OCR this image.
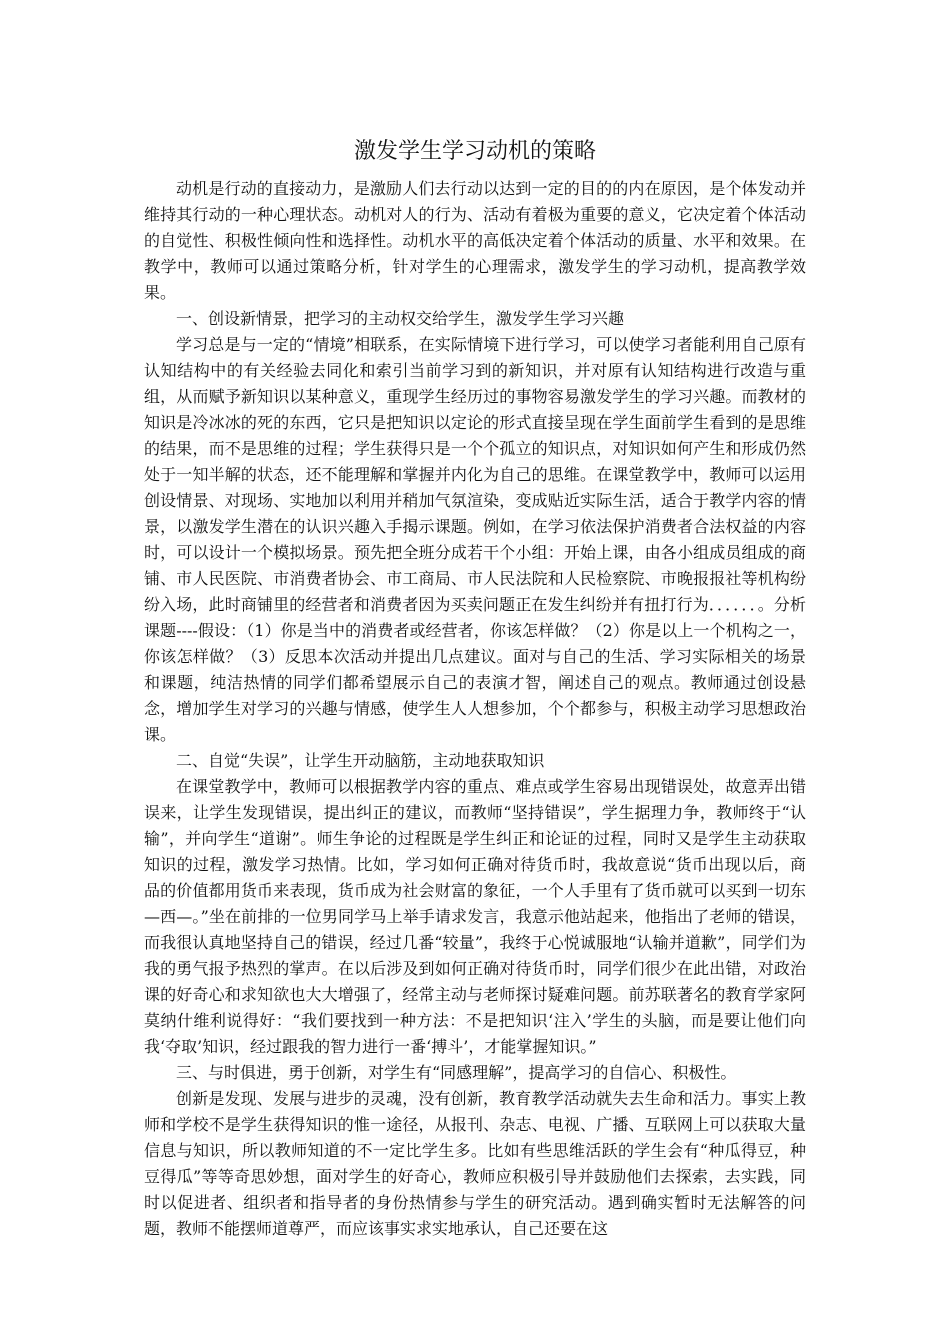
激发学生学习动机的策略

动机是行动的直接动力，是激励人们去行动以达到一定的目的的内在原因，是个体发动并维持其行动的一种心理状态。动机对人的行为、活动有着极为重要的意义，它决定着个体活动的自觉性、积极性倾向性和选择性。动机水平的高低决定着个体活动的质量、水平和效果。在教学中，教师可以通过策略分析，针对学生的心理需求，激发学生的学习动机，提高教学效果。

一、创设新情景，把学习的主动权交给学生，激发学生学习兴趣

学习总是与一定的“情境”相联系，在实际情境下进行学习，可以使学习者能利用自己原有认知结构中的有关经验去同化和索引当前学习到的新知识，并对原有认知结构进行改造与重组，从而赋予新知识以某种意义，重现学生经历过的事物容易激发学生的学习兴趣。而教材的知识是冷冰冰的死的东西，它只是把知识以定论的形式直接呈现在学生面前学生看到的是思维的结果，而不是思维的过程；学生获得只是一个个孤立的知识点，对知识如何产生和形成仍然处于一知半解的状态，还不能理解和掌握并内化为自己的思维。在课堂教学中，教师可以运用创设情景、对现场、实地加以利用并稍加气氛渲染，变成贴近实际生活，适合于教学内容的情景，以激发学生潜在的认识兴趣入手揭示课题。例如，在学习依法保护消费者合法权益的内容时，可以设计一个模拟场景。预先把全班分成若干个小组：开始上课，由各小组成员组成的商铺、市人民医院、市消费者协会、市工商局、市人民法院和人民检察院、市晚报报社等机构纷纷入场，此时商铺里的经营者和消费者因为买卖问题正在发生纠纷并有扭打行为．．．．．．。分析课题----假设：（1）你是当中的消费者或经营者，你该怎样做？（2）你是以上一个机构之一，你该怎样做？（3）反思本次活动并提出几点建议。面对与自己的生活、学习实际相关的场景和课题，纯洁热情的同学们都希望展示自己的表演才智，阐述自己的观点。教师通过创设悬念，增加学生对学习的兴趣与情感，使学生人人想参加，个个都参与，积极主动学习思想政治课。

二、自觉“失误”，让学生开动脑筋，主动地获取知识

在课堂教学中，教师可以根据教学内容的重点、难点或学生容易出现错误处，故意弄出错误来，让学生发现错误，提出纠正的建议，而教师“坚持错误”，学生据理力争，教师终于“认输”，并向学生“道谢”。师生争论的过程既是学生纠正和论证的过程，同时又是学生主动获取知识的过程，激发学习热情。比如，学习如何正确对待货币时，我故意说“货币出现以后，商品的价值都用货币来表现，货币成为社会财富的象征，一个人手里有了货币就可以买到一切东—西—。”坐在前排的一位男同学马上举手请求发言，我意示他站起来，他指出了老师的错误，而我很认真地坚持自己的错误，经过几番“较量”，我终于心悦诚服地“认输并道歉”，同学们为我的勇气报予热烈的掌声。在以后涉及到如何正确对待货币时，同学们很少在此出错，对政治课的好奇心和求知欲也大大增强了，经常主动与老师探讨疑难问题。前苏联著名的教育学家阿莫纳什维利说得好：“我们要找到一种方法：不是把知识‘注入’学生的头脑，而是要让他们向我‘夺取’知识，经过跟我的智力进行一番‘搏斗’，才能掌握知识。”

三、与时俱进，勇于创新，对学生有“同感理解”，提高学习的自信心、积极性。

创新是发现、发展与进步的灵魂，没有创新，教育教学活动就失去生命和活力。事实上教师和学校不是学生获得知识的惟一途径，从报刊、杂志、电视、广播、互联网上可以获取大量信息与知识，所以教师知道的不一定比学生多。比如有些思维活跃的学生会有“种瓜得豆，种豆得瓜”等等奇思妙想，面对学生的好奇心，教师应积极引导并鼓励他们去探索，去实践，同时以促进者、组织者和指导者的身份热情参与学生的研究活动。遇到确实暂时无法解答的问题，教师不能摆师道尊严，而应该事实求实地承认，自己还要在这
